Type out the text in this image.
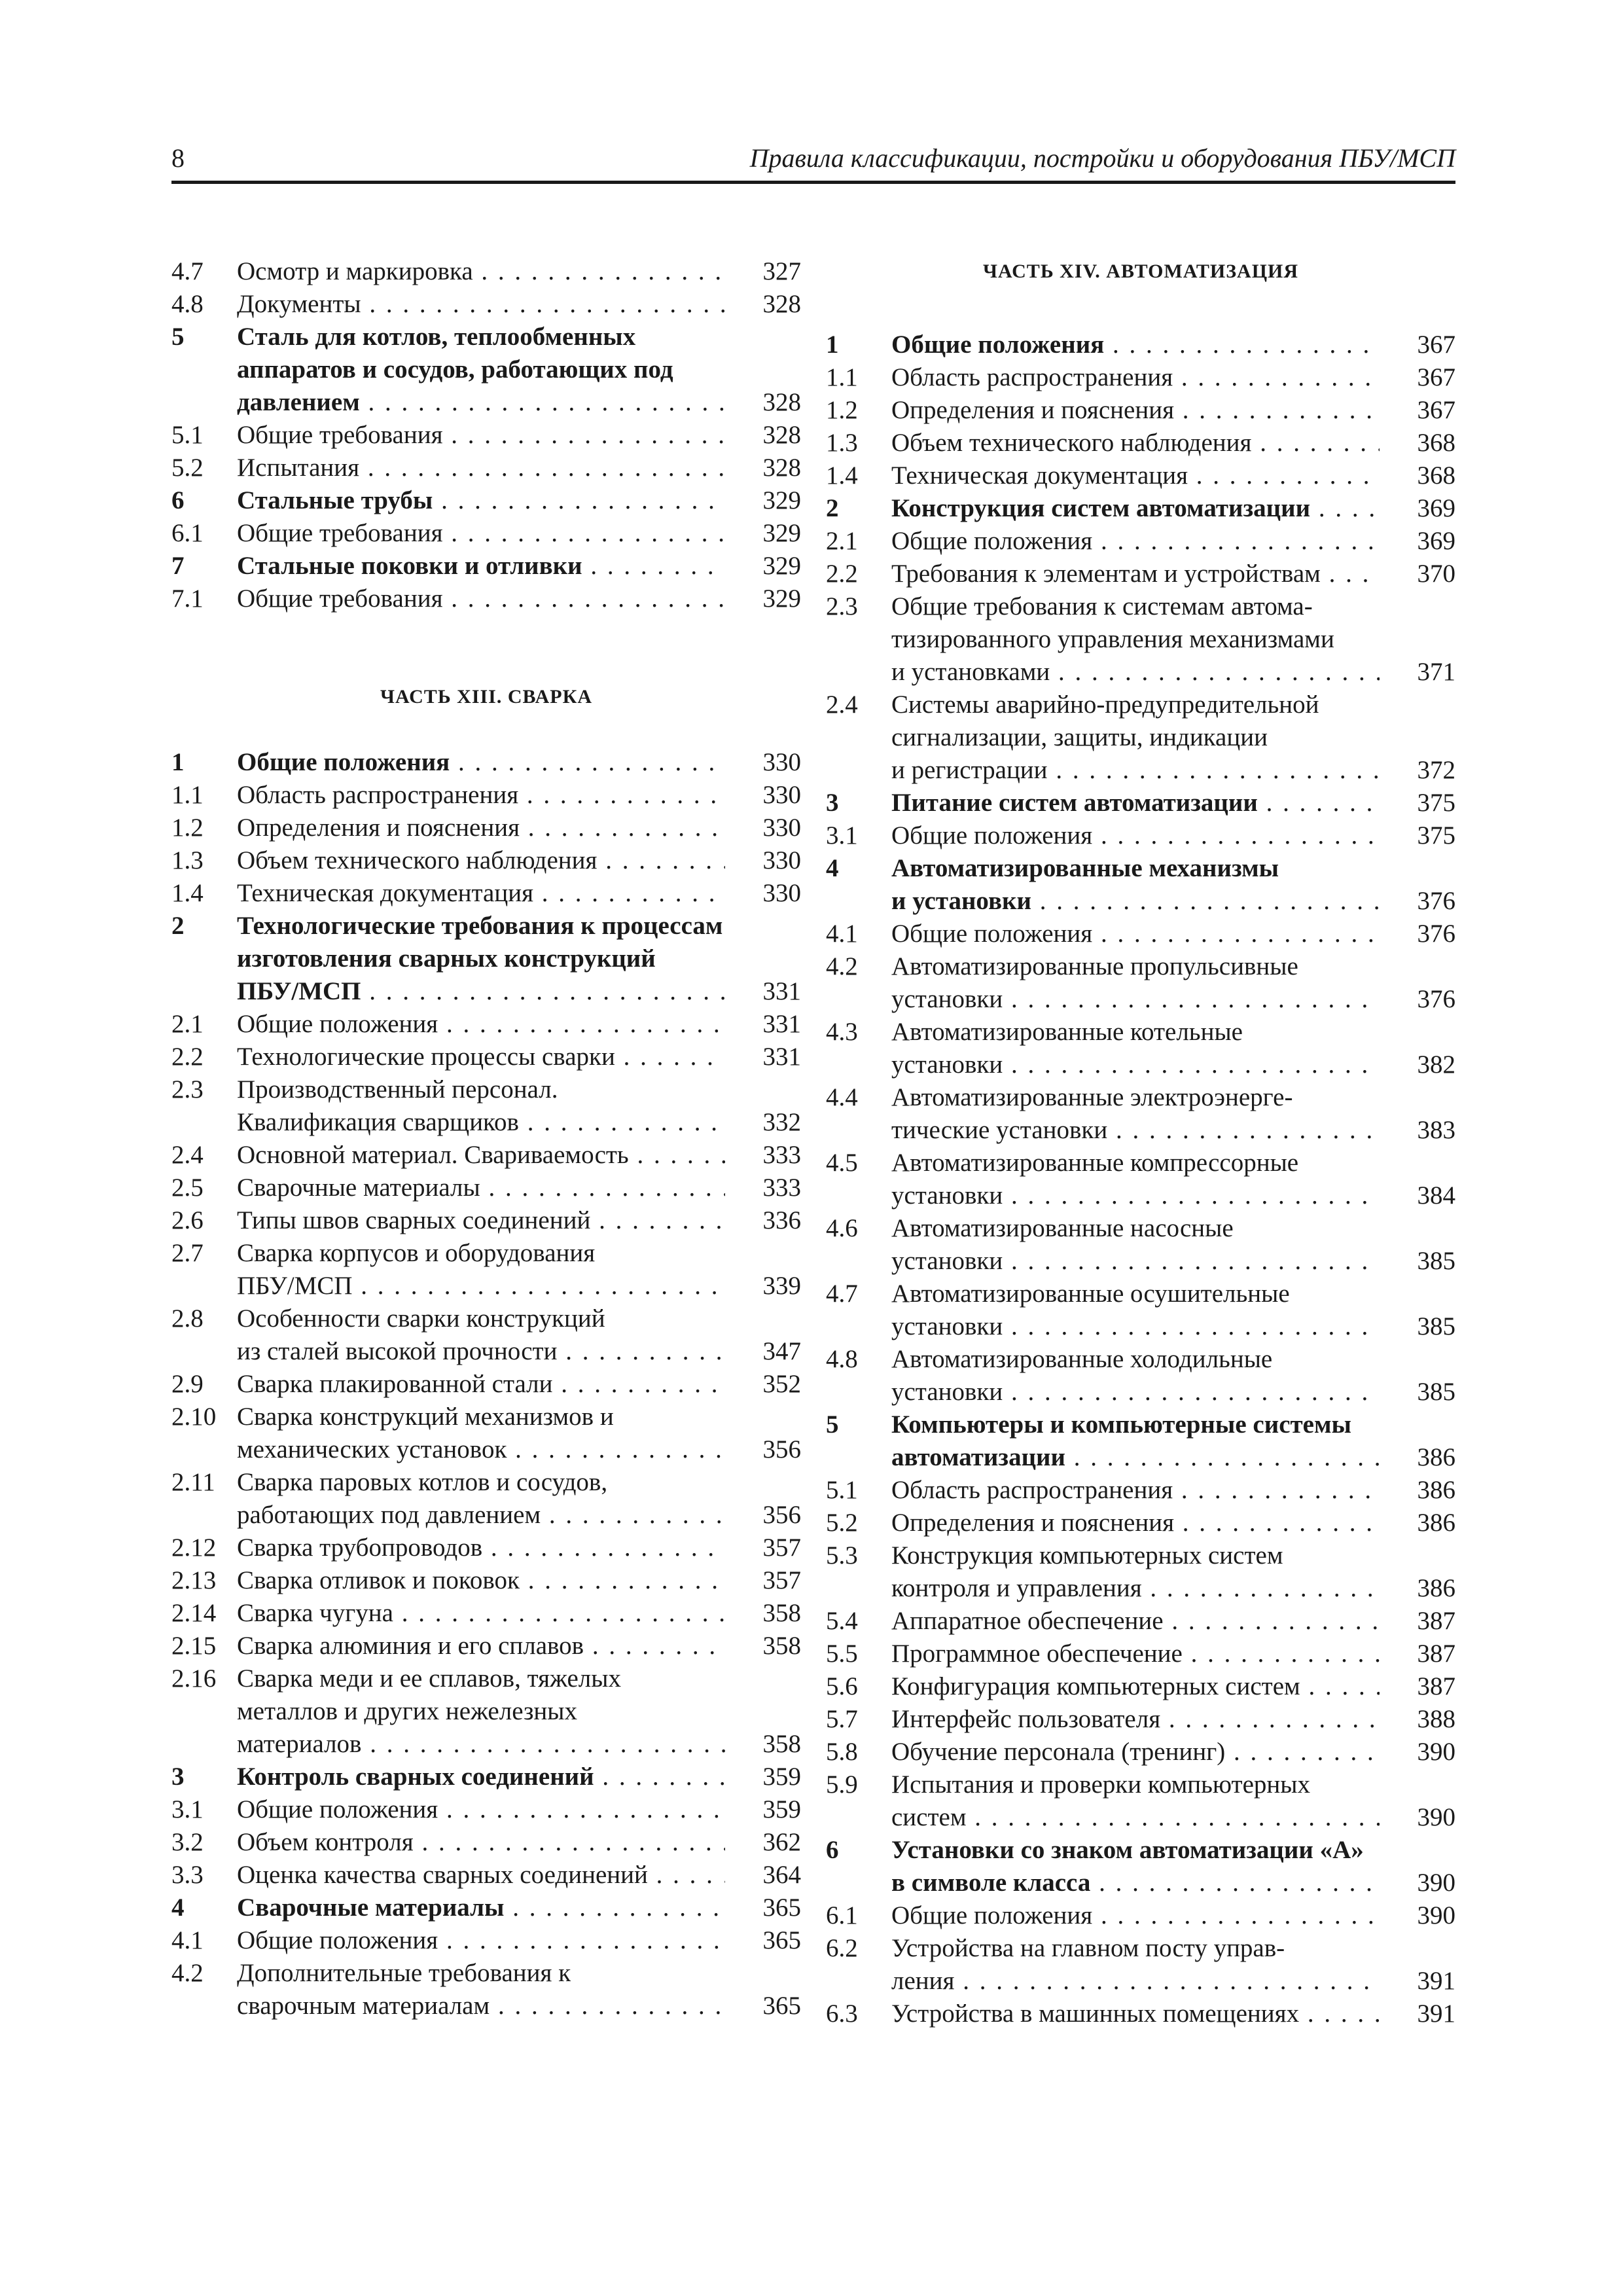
8	Правила классификации, постройки и оборудования ПБУ/МСП
4.7	Осмотр и маркировка . . .	327
4.8	Документы . . .	328
5	Сталь для котлов, теплообменных
аппаратов и сосудов, работающих под
давлением . . .	328
5.1	Общие требования . . .	328
5.2	Испытания . . .	328
6	Стальные трубы . . .	329
6.1	Общие требования . . .	329
7	Стальные поковки и отливки . . .	329
7.1	Общие требования . . .	329
ЧАСТЬ XIII. СВАРКА
1	Общие положения . . .	330
1.1	Область распространения . . .	330
1.2	Определения и пояснения . . .	330
1.3	Объем технического наблюдения . . .	330
1.4	Техническая документация . . .	330
2	Технологические требования к процессам
изготовления сварных конструкций
ПБУ/МСП . . .	331
2.1	Общие положения . . .	331
2.2	Технологические процессы сварки . . .	331
2.3	Производственный персонал.
Квалификация сварщиков . . .	332
2.4	Основной материал. Свариваемость . . .	333
2.5	Сварочные материалы . . .	333
2.6	Типы швов сварных соединений . . .	336
2.7	Сварка корпусов и оборудования
ПБУ/МСП . . .	339
2.8	Особенности сварки конструкций
из сталей высокой прочности . . .	347
2.9	Сварка плакированной стали . . .	352
2.10 Сварка конструкций механизмов и
механических установок . . .	356
2.11 Сварка паровых котлов и сосудов,
работающих под давлением . . .	356
2.12 Сварка трубопроводов . . .	357
2.13 Сварка отливок и поковок . . .	357
2.14 Сварка чугуна . . .	358
2.15 Сварка алюминия и его сплавов . . .	358
2.16 Сварка меди и ее сплавов, тяжелых
металлов и других нежелезных
материалов . . .	358
3	Контроль сварных соединений . . .	359
3.1	Общие положения . . .	359
3.2	Объем контроля . . .	362
3.3	Оценка качества сварных соединений . . .	364
4	Сварочные материалы . . .	365
4.1	Общие положения . . .	365
4.2	Дополнительные требования к
сварочным материалам . . .	365
ЧАСТЬ XIV. АВТОМАТИЗАЦИЯ
1	Общие положения . . .	367
1.1	Область распространения . . .	367
1.2	Определения и пояснения . . .	367
1.3	Объем технического наблюдения . . .	368
1.4	Техническая документация . . .	368
2	Конструкция систем автоматизации . . .	369
2.1	Общие положения . . .	369
2.2	Требования к элементам и устройствам . . .	370
2.3	Общие требования к системам автома-
тизированного управления механизмами
и установками . . .	371
2.4	Системы аварийно-предупредительной
сигнализации, защиты, индикации
и регистрации . . .	372
3	Питание систем автоматизации . . .	375
3.1	Общие положения . . .	375
4	Автоматизированные механизмы
и установки . . .	376
4.1	Общие положения . . .	376
4.2	Автоматизированные пропульсивные
установки . . .	376
4.3	Автоматизированные котельные
установки . . .	382
4.4	Автоматизированные электроэнерге-
тические установки . . .	383
4.5	Автоматизированные компрессорные
установки . . .	384
4.6	Автоматизированные насосные
установки . . .	385
4.7	Автоматизированные осушительные
установки . . .	385
4.8	Автоматизированные холодильные
установки . . .	385
5	Компьютеры и компьютерные системы
автоматизации . . .	386
5.1	Область распространения . . .	386
5.2	Определения и пояснения . . .	386
5.3	Конструкция компьютерных систем
контроля и управления . . .	386
5.4	Аппаратное обеспечение . . .	387
5.5	Программное обеспечение . . .	387
5.6	Конфигурация компьютерных систем . . .	387
5.7	Интерфейс пользователя . . .	388
5.8	Обучение персонала (тренинг) . . .	390
5.9	Испытания и проверки компьютерных
систем . . .	390
6	Установки со знаком автоматизации «А»
в символе класса . . .	390
6.1	Общие положения . . .	390
6.2	Устройства на главном посту управ-
ления . . .	391
6.3	Устройства в машинных помещениях . . .	391
